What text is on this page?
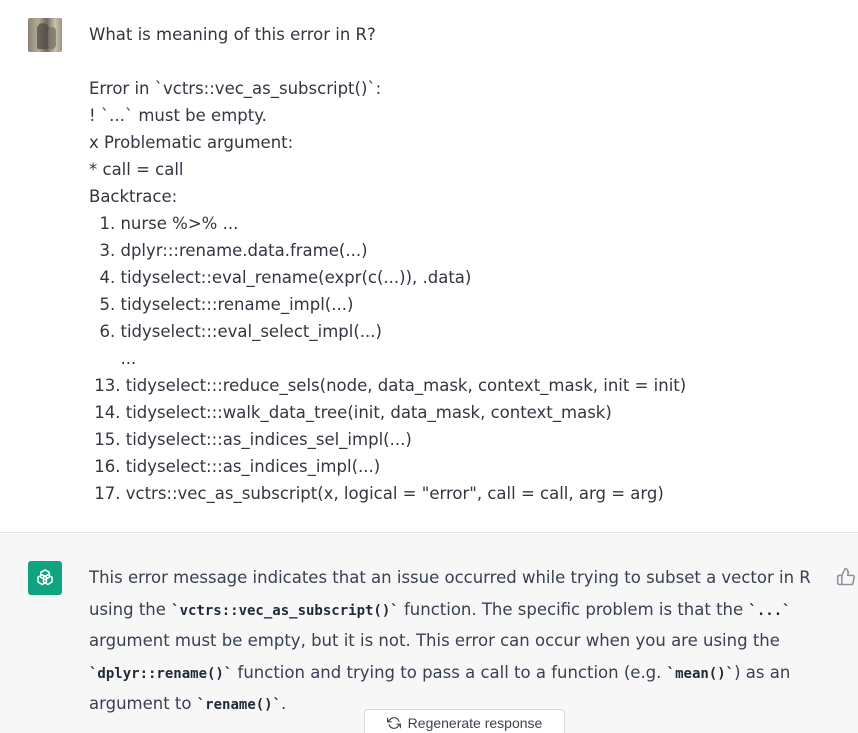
What is meaning of this error in R?
Error in `vctrs::vec_as_subscript()`:
! `...` must be empty.
x Problematic argument:
* call = call
Backtrace:
1. nurse %>% ...
3. dplyr:::rename.data.frame(...)
4. tidyselect::eval_rename(expr(c(...)), .data)
5. tidyselect:::rename_impl(...)
6. tidyselect:::eval_select_impl(...)
...
13. tidyselect:::reduce_sels(node, data_mask, context_mask, init = init)
14. tidyselect:::walk_data_tree(init, data_mask, context_mask)
15. tidyselect:::as_indices_sel_impl(...)
16. tidyselect:::as_indices_impl(...)
17. vctrs::vec_as_subscript(x, logical = "error", call = call, arg = arg)
This error message indicates that an issue occurred while trying to subset a vector in R
using the `vctrs::vec_as_subscript()` function. The specific problem is that the `...`
argument must be empty, but it is not. This error can occur when you are using the
`dplyr::rename()` function and trying to pass a call to a function (e.g. `mean()`) as an
argument to `rename()`.
Regenerate response
